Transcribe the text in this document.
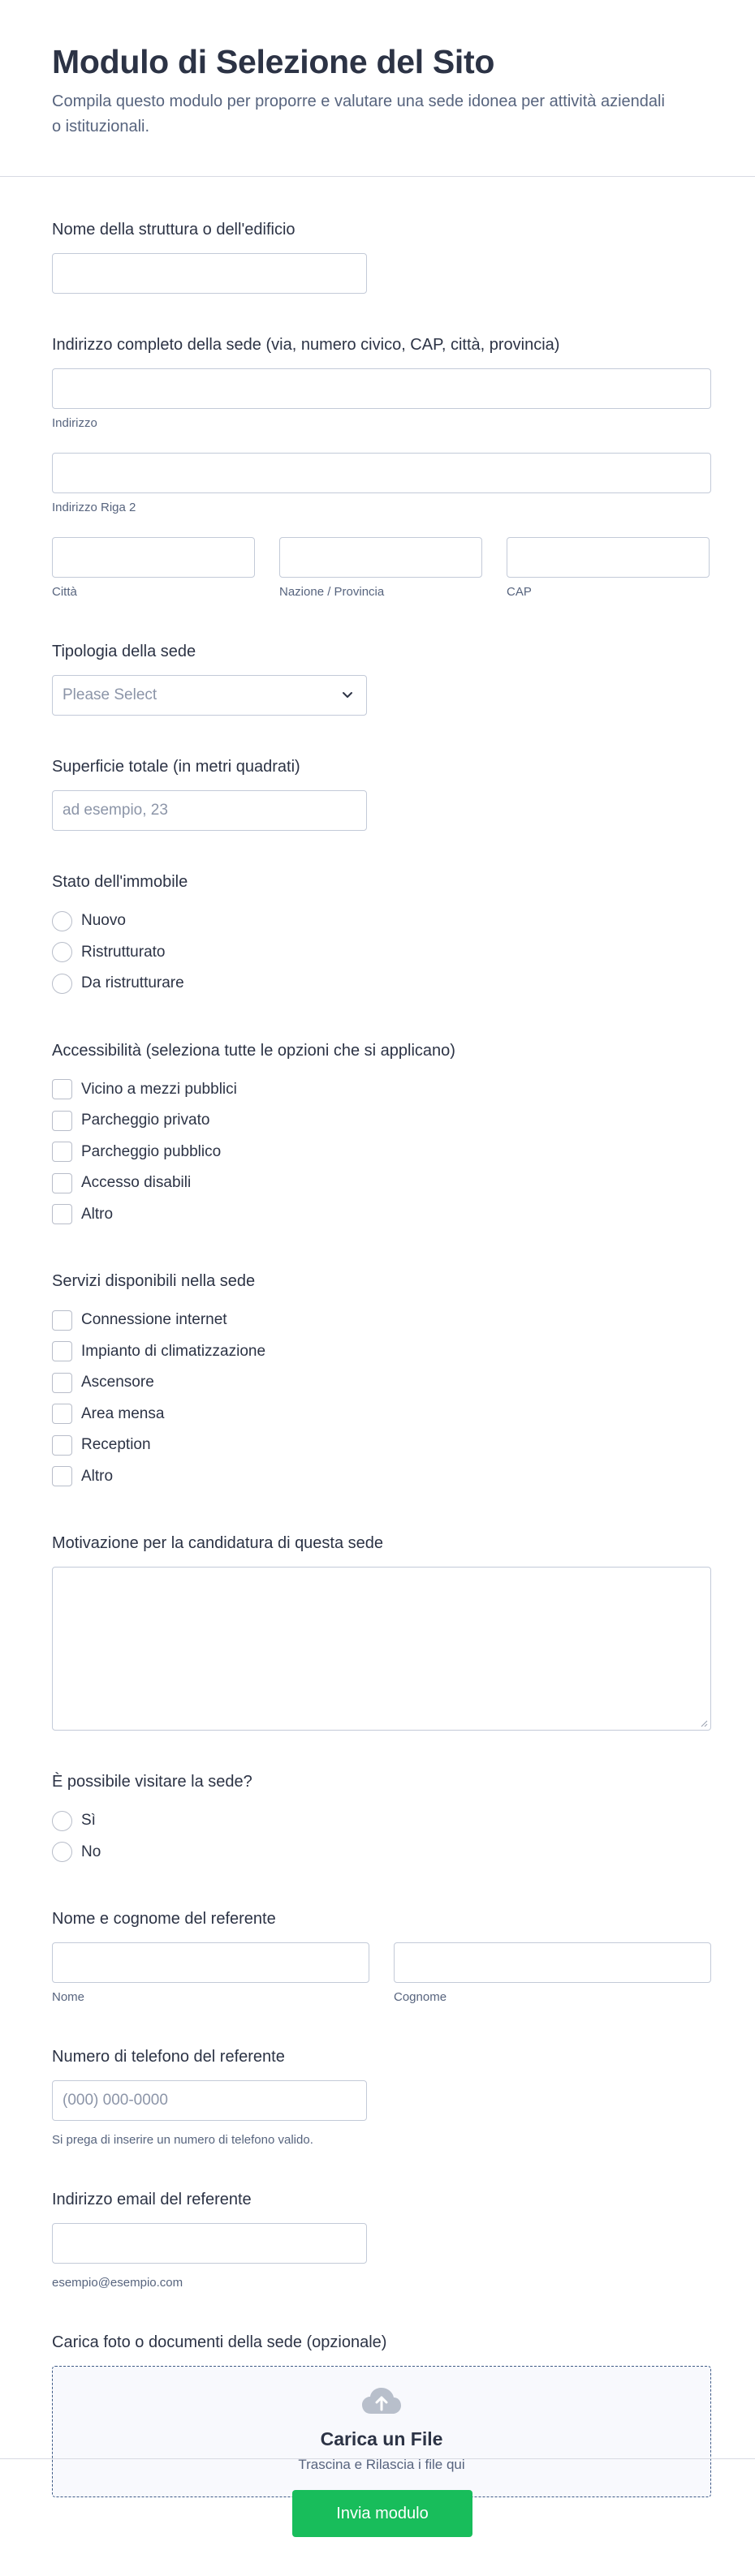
Modulo di Selezione del Sito

Compila questo modulo per proporre e valutare una sede idonea per attività aziendali o istituzionali.

Nome della struttura o dell'edificio
Indirizzo completo della sede (via, numero civico, CAP, città, provincia)
Indirizzo
Indirizzo Riga 2
Città	Nazione / Provincia	CAP
Tipologia della sede
Please Select
Superficie totale (in metri quadrati)
ad esempio, 23
Stato dell'immobile
Nuovo
Ristrutturato
Da ristrutturare
Accessibilità (seleziona tutte le opzioni che si applicano)
Vicino a mezzi pubblici
Parcheggio privato
Parcheggio pubblico
Accesso disabili
Altro
Servizi disponibili nella sede
Connessione internet
Impianto di climatizzazione
Ascensore
Area mensa
Reception
Altro
Motivazione per la candidatura di questa sede
È possibile visitare la sede?
Sì
No
Nome e cognome del referente
Nome	Cognome
Numero di telefono del referente
(000) 000-0000
Si prega di inserire un numero di telefono valido.
Indirizzo email del referente
esempio@esempio.com
Carica foto o documenti della sede (opzionale)
Carica un File
Trascina e Rilascia i file qui
Invia modulo
